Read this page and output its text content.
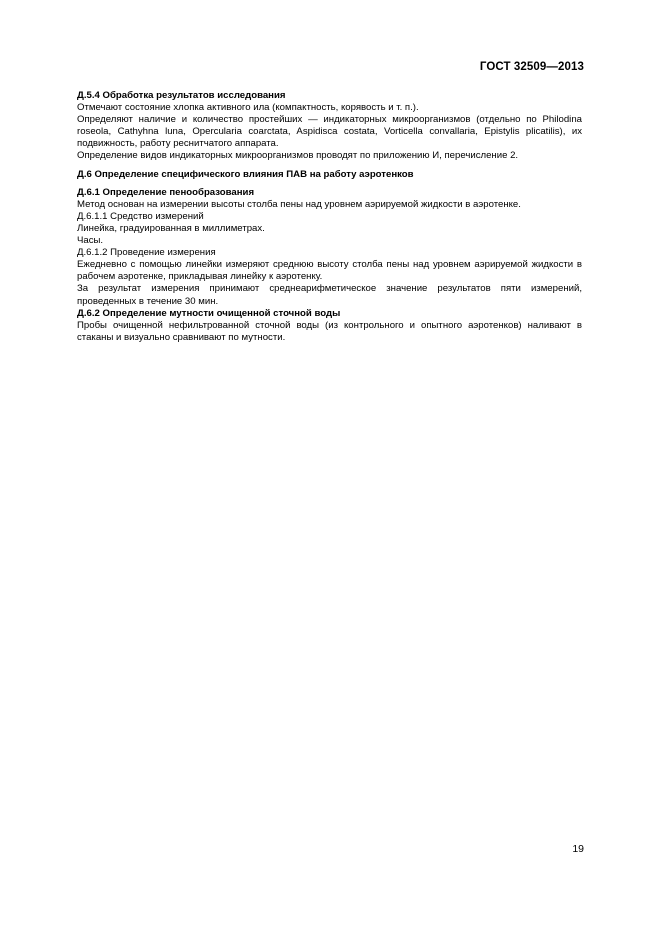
ГОСТ 32509—2013

Д.5.4 Обработка результатов исследования

Отмечают состояние хлопка активного ила (компактность, корявость и т. п.).

Определяют наличие и количество простейших — индикаторных микроорганизмов (отдельно по Philodina roseola, Cathyhna luna, Opercularia coarctata, Aspidisca costata, Vorticella convallaria, Epistylis plicatilis), их подвижность, работу реснитчатого аппарата.

Определение видов индикаторных микроорганизмов проводят по приложению И, перечисление 2.

Д.6 Определение специфического влияния ПАВ на работу аэротенков

Д.6.1 Определение пенообразования

Метод основан на измерении высоты столба пены над уровнем аэрируемой жидкости в аэротенке.

Д.6.1.1 Средство измерений

Линейка, градуированная в миллиметрах.

Часы.

Д.6.1.2 Проведение измерения

Ежедневно с помощью линейки измеряют среднюю высоту столба пены над уровнем аэрируемой жидкости в рабочем аэротенке, прикладывая линейку к аэротенку.

За результат измерения принимают среднеарифметическое значение результатов пяти измерений, проведенных в течение 30 мин.

Д.6.2 Определение мутности очищенной сточной воды

Пробы очищенной нефильтрованной сточной воды (из контрольного и опытного аэротенков) наливают в стаканы и визуально сравнивают по мутности.

19
